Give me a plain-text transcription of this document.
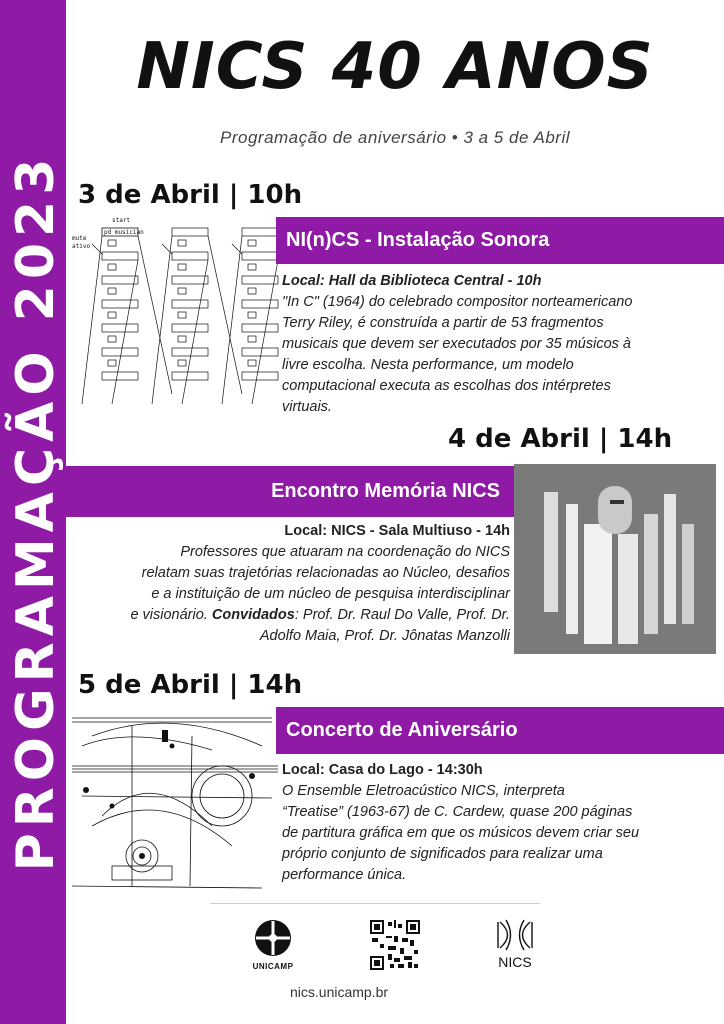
PROGRAMAÇÃO 2023
NICS 40 ANOS
Programação de aniversário • 3 a 5 de Abril
3 de Abril | 10h
start
pd musician
mute
ativo	NI(n)CS - Instalação Sonora
Local: Hall da Biblioteca Central - 10h
"In C" (1964) do celebrado compositor norteamericano
Terry Riley, é construída a partir de 53 fragmentos
musicais que devem ser executados por 35 músicos à
livre escolha. Nesta performance, um modelo
computacional executa as escolhas dos intérpretes
virtuais.
4 de Abril | 14h
Encontro Memória NICS
Local: NICS - Sala Multiuso - 14h
Professores que atuaram na coordenação do NICS
relatam suas trajetórias relacionadas ao Núcleo, desafios
e a instituição de um núcleo de pesquisa interdisciplinar
e visionário. Convidados: Prof. Dr. Raul Do Valle, Prof. Dr.
Adolfo Maia, Prof. Dr. Jônatas Manzolli
5 de Abril | 14h
Concerto de Aniversário
Local: Casa do Lago - 14:30h
O Ensemble Eletroacústico NICS, interpreta
“Treatise” (1963-67) de C. Cardew, quase 200 páginas
de partitura gráfica em que os músicos devem criar seu
próprio conjunto de significados para realizar uma
performance única.
UNICAMP	NICS
nics.unicamp.br
